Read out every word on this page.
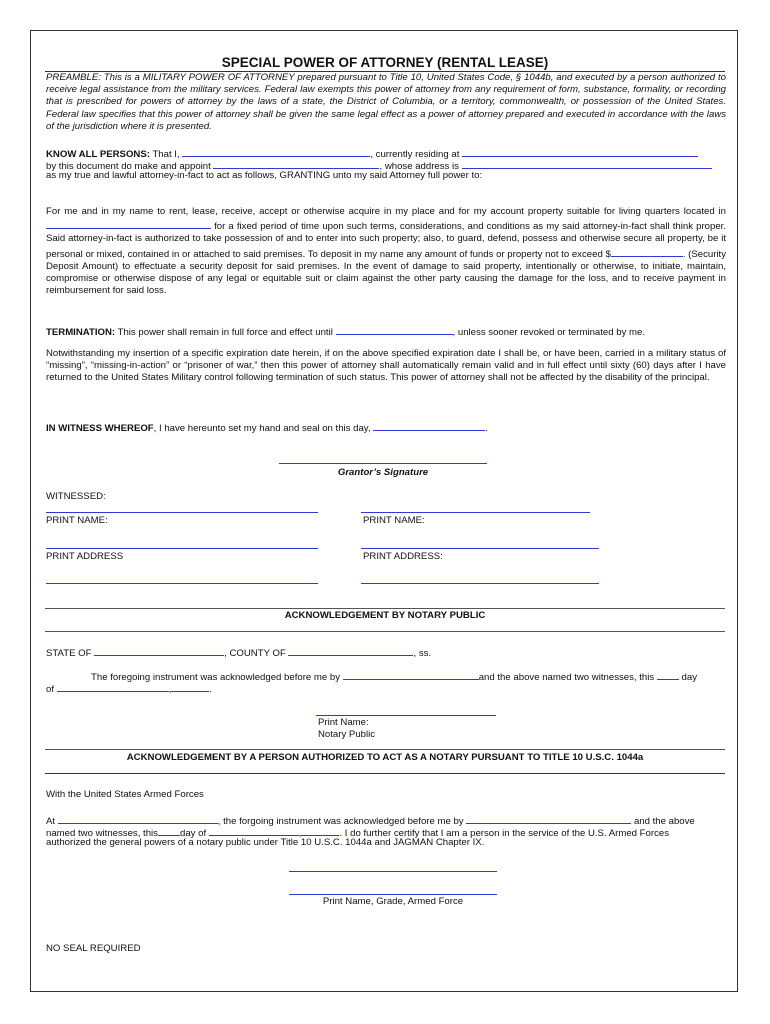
SPECIAL POWER OF ATTORNEY (RENTAL LEASE)
PREAMBLE: This is a MILITARY POWER OF ATTORNEY prepared pursuant to Title 10, United States Code, § 1044b, and executed by a person authorized to receive legal assistance from the military services. Federal law exempts this power of attorney from any requirement of form, substance, formality, or recording that is prescribed for powers of attorney by the laws of a state, the District of Columbia, or a territory, commonwealth, or possession of the United States. Federal law specifies that this power of attorney shall be given the same legal effect as a power of attorney prepared and executed in accordance with the laws of the jurisdiction where it is presented.
KNOW ALL PERSONS: That I,	, currently residing at
by this document do make and appoint	, whose address is
as my true and lawful attorney-in-fact to act as follows, GRANTING unto my said Attorney full power to:
For me and in my name to rent, lease, receive, accept or otherwise acquire in my place and for my account property suitable for living quarters located in  for a fixed period of time upon such terms, considerations, and conditions as my said attorney-in-fact shall think proper. Said attorney-in-fact is authorized to take possession of and to enter into such property; also, to guard, defend, possess and otherwise secure all property, be it personal or mixed, contained in or attached to said premises. To deposit in my name any amount of funds or property not to exceed $	. (Security Deposit Amount) to effectuate a security deposit for said premises. In the event of damage to said property, intentionally or otherwise, to initiate, maintain, compromise or otherwise dispose of any legal or equitable suit or claim against the other party causing the damage for the loss, and to receive payment in reimbursement for said loss.
TERMINATION: This power shall remain in full force and effect until	, unless sooner revoked or terminated by me.
Notwithstanding my insertion of a specific expiration date herein, if on the above specified expiration date I shall be, or have been, carried in a military status of “missing”, “missing-in-action” or “prisoner of war,” then this power of attorney shall automatically remain valid and in full effect until sixty (60) days after I have returned to the United States Military control following termination of such status. This power of attorney shall not be affected by the disability of the principal.
IN WITNESS WHEREOF, I have hereunto set my hand and seal on this day,	.
Grantor’s Signature
WITNESSED:
PRINT NAME:	PRINT NAME:
PRINT ADDRESS	PRINT ADDRESS:
ACKNOWLEDGEMENT BY NOTARY PUBLIC
STATE OF	, COUNTY OF	, ss.
The foregoing instrument was acknowledged before me by	and the above named two witnesses, this	day
of	,	.
Print Name:
Notary Public
ACKNOWLEDGEMENT BY A PERSON AUTHORIZED TO ACT AS A NOTARY PURSUANT TO TITLE 10 U.S.C. 1044a
With the United States Armed Forces
At	, the forgoing instrument was acknowledged before me by	and the above
named two witnesses, this day of	,	. I do further certify that I am a person in the service of the U.S. Armed Forces
authorized the general powers of a notary public under Title 10 U.S.C. 1044a and JAGMAN Chapter IX.
Print Name, Grade, Armed Force
NO SEAL REQUIRED
